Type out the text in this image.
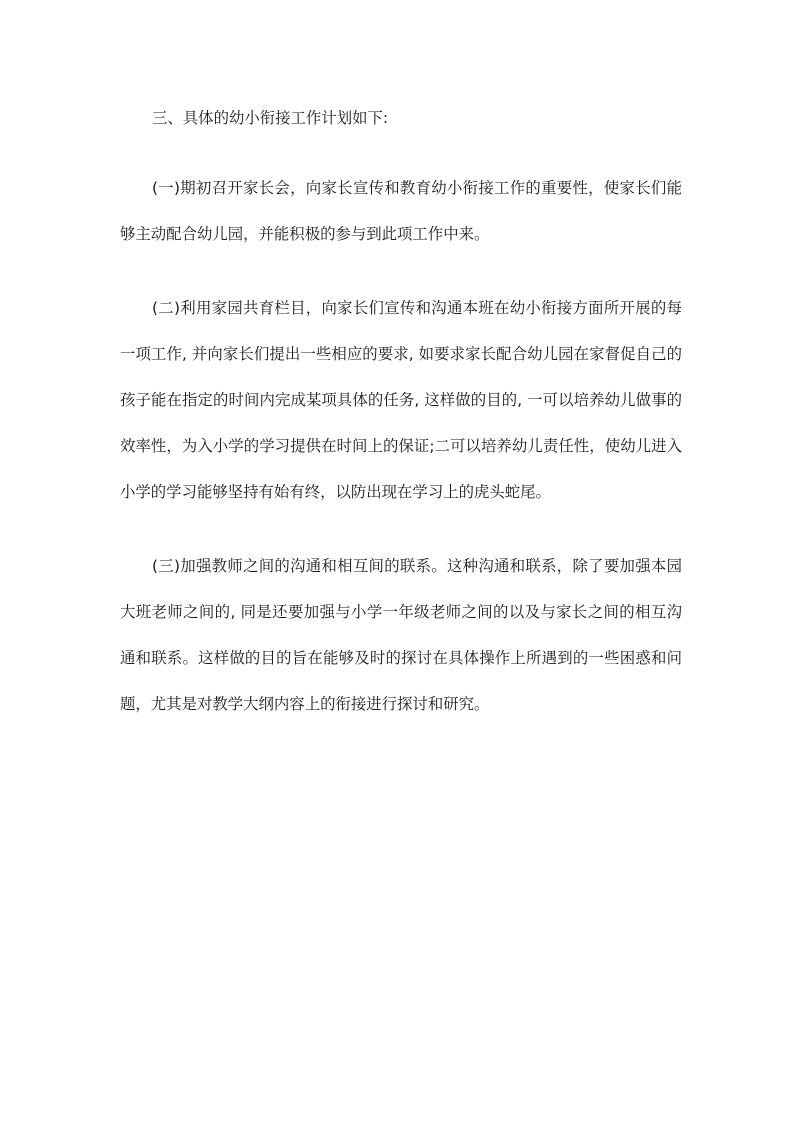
三、具体的幼小衔接工作计划如下:

(一)期初召开家长会，向家长宣传和教育幼小衔接工作的重要性，使家长们能够主动配合幼儿园，并能积极的参与到此项工作中来。

(二)利用家园共育栏目，向家长们宣传和沟通本班在幼小衔接方面所开展的每一项工作, 并向家长们提出一些相应的要求, 如要求家长配合幼儿园在家督促自己的孩子能在指定的时间内完成某项具体的任务, 这样做的目的, 一可以培养幼儿做事的效率性，为入小学的学习提供在时间上的保证;二可以培养幼儿责任性，使幼儿进入小学的学习能够坚持有始有终，以防出现在学习上的虎头蛇尾。

(三)加强教师之间的沟通和相互间的联系。这种沟通和联系，除了要加强本园大班老师之间的, 同是还要加强与小学一年级老师之间的以及与家长之间的相互沟通和联系。这样做的目的旨在能够及时的探讨在具体操作上所遇到的一些困惑和问题，尤其是对教学大纲内容上的衔接进行探讨和研究。
